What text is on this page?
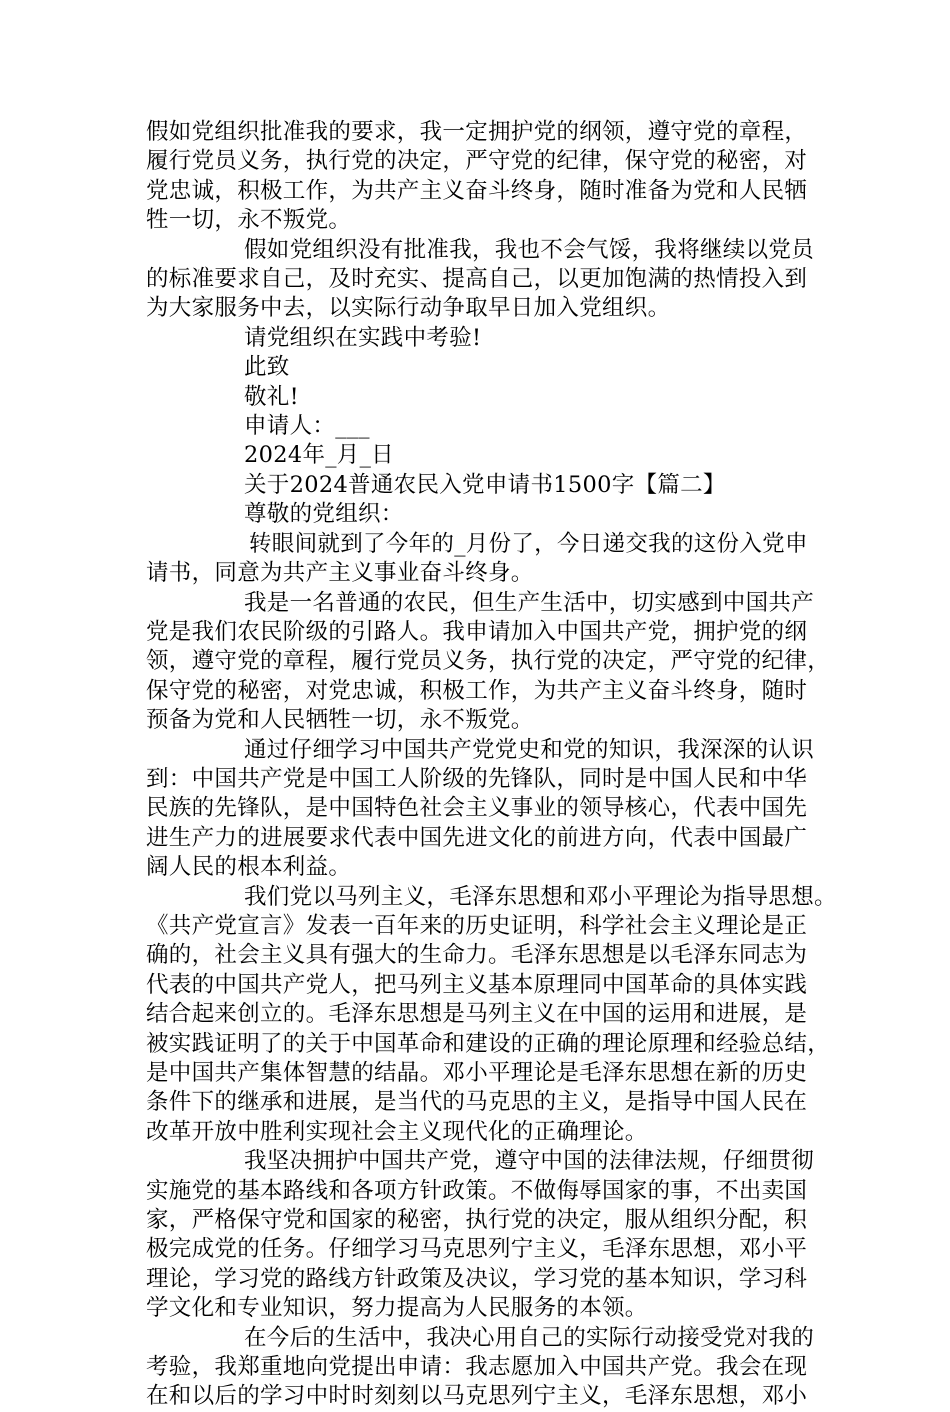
假如党组织批准我的要求，我一定拥护党的纲领，遵守党的章程，
履行党员义务，执行党的决定，严守党的纪律，保守党的秘密，对
党忠诚，积极工作，为共产主义奋斗终身，随时准备为党和人民牺
牲一切，永不叛党。
假如党组织没有批准我，我也不会气馁，我将继续以党员
的标准要求自己，及时充实、提高自己，以更加饱满的热情投入到
为大家服务中去，以实际行动争取早日加入党组织。
请党组织在实践中考验!
此致
敬礼!
申请人：___
2024年_月_日
关于2024普通农民入党申请书1500字【篇二】
尊敬的党组织：
转眼间就到了今年的_月份了，今日递交我的这份入党申
请书，同意为共产主义事业奋斗终身。
我是一名普通的农民，但生产生活中，切实感到中国共产
党是我们农民阶级的引路人。我申请加入中国共产党，拥护党的纲
领，遵守党的章程，履行党员义务，执行党的决定，严守党的纪律，
保守党的秘密，对党忠诚，积极工作，为共产主义奋斗终身，随时
预备为党和人民牺牲一切，永不叛党。
通过仔细学习中国共产党党史和党的知识，我深深的认识
到：中国共产党是中国工人阶级的先锋队，同时是中国人民和中华
民族的先锋队，是中国特色社会主义事业的领导核心，代表中国先
进生产力的进展要求代表中国先进文化的前进方向，代表中国最广
阔人民的根本利益。
我们党以马列主义，毛泽东思想和邓小平理论为指导思想。
《共产党宣言》发表一百年来的历史证明，科学社会主义理论是正
确的，社会主义具有强大的生命力。毛泽东思想是以毛泽东同志为
代表的中国共产党人，把马列主义基本原理同中国革命的具体实践
结合起来创立的。毛泽东思想是马列主义在中国的运用和进展，是
被实践证明了的关于中国革命和建设的正确的理论原理和经验总结，
是中国共产集体智慧的结晶。邓小平理论是毛泽东思想在新的历史
条件下的继承和进展，是当代的马克思的主义，是指导中国人民在
改革开放中胜利实现社会主义现代化的正确理论。
我坚决拥护中国共产党，遵守中国的法律法规，仔细贯彻
实施党的基本路线和各项方针政策。不做侮辱国家的事，不出卖国
家，严格保守党和国家的秘密，执行党的决定，服从组织分配，积
极完成党的任务。仔细学习马克思列宁主义，毛泽东思想，邓小平
理论，学习党的路线方针政策及决议，学习党的基本知识，学习科
学文化和专业知识，努力提高为人民服务的本领。
在今后的生活中，我决心用自己的实际行动接受党对我的
考验，我郑重地向党提出申请：我志愿加入中国共产党。我会在现
在和以后的学习中时时刻刻以马克思列宁主义，毛泽东思想，邓小
